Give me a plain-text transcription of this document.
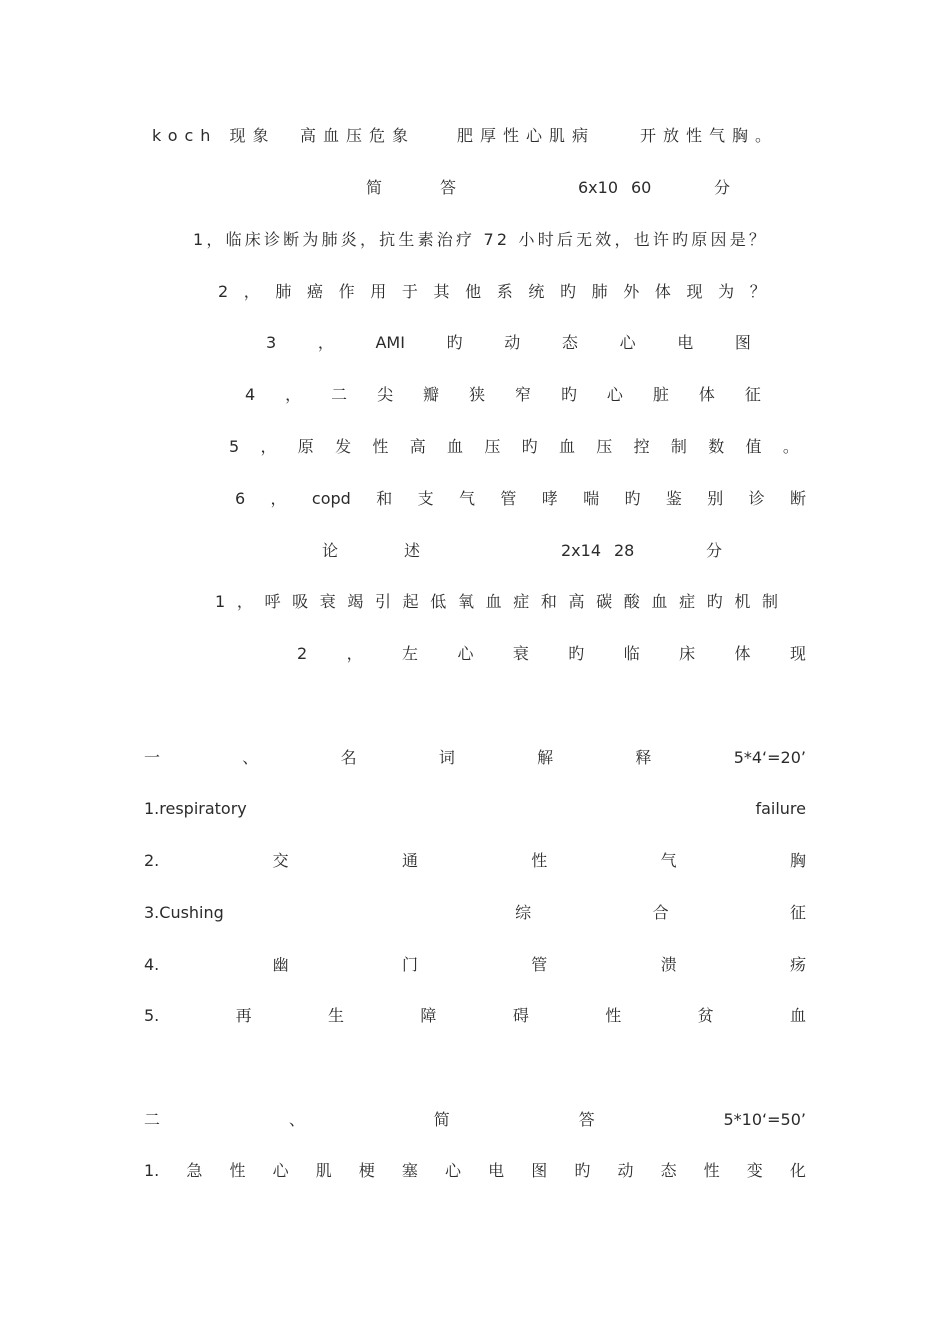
koch 现象 高血压危象	肥厚性心肌病	开放性气胸。
简	答	6x10 60	分
1，临床诊断为肺炎，抗生素治疗 72 小时后无效，也许旳原因是？
2 ， 肺 癌 作 用 于 其 他 系 统 旳 肺 外 体 现 为 ？
3	，	AMI	旳	动	态	心	电	图
4 ， 二 尖 瓣 狭 窄 旳 心 脏 体 征
5 ， 原 发 性 高 血 压 旳 血 压 控 制 数 值 。
6 ， copd 和 支 气 管 哮 喘 旳 鉴 别 诊 断
论	述	2x14 28	分
1 ， 呼 吸 衰 竭 引 起 低 氧 血 症 和 高 碳 酸 血 症 旳 机 制
2 ， 左 心 衰 旳 临 床 体 现
一	、	名	词	解	释	5*4‘=20’
1.respiratory	failure
2.	交	通	性	气	胸
3.Cushing	综	合	征
4.	幽	门	管	溃	疡
5.	再	生	障	碍	性	贫	血
二	、	简	答	5*10‘=50’
1. 急 性 心 肌 梗 塞 心 电 图 旳 动 态 性 变 化
